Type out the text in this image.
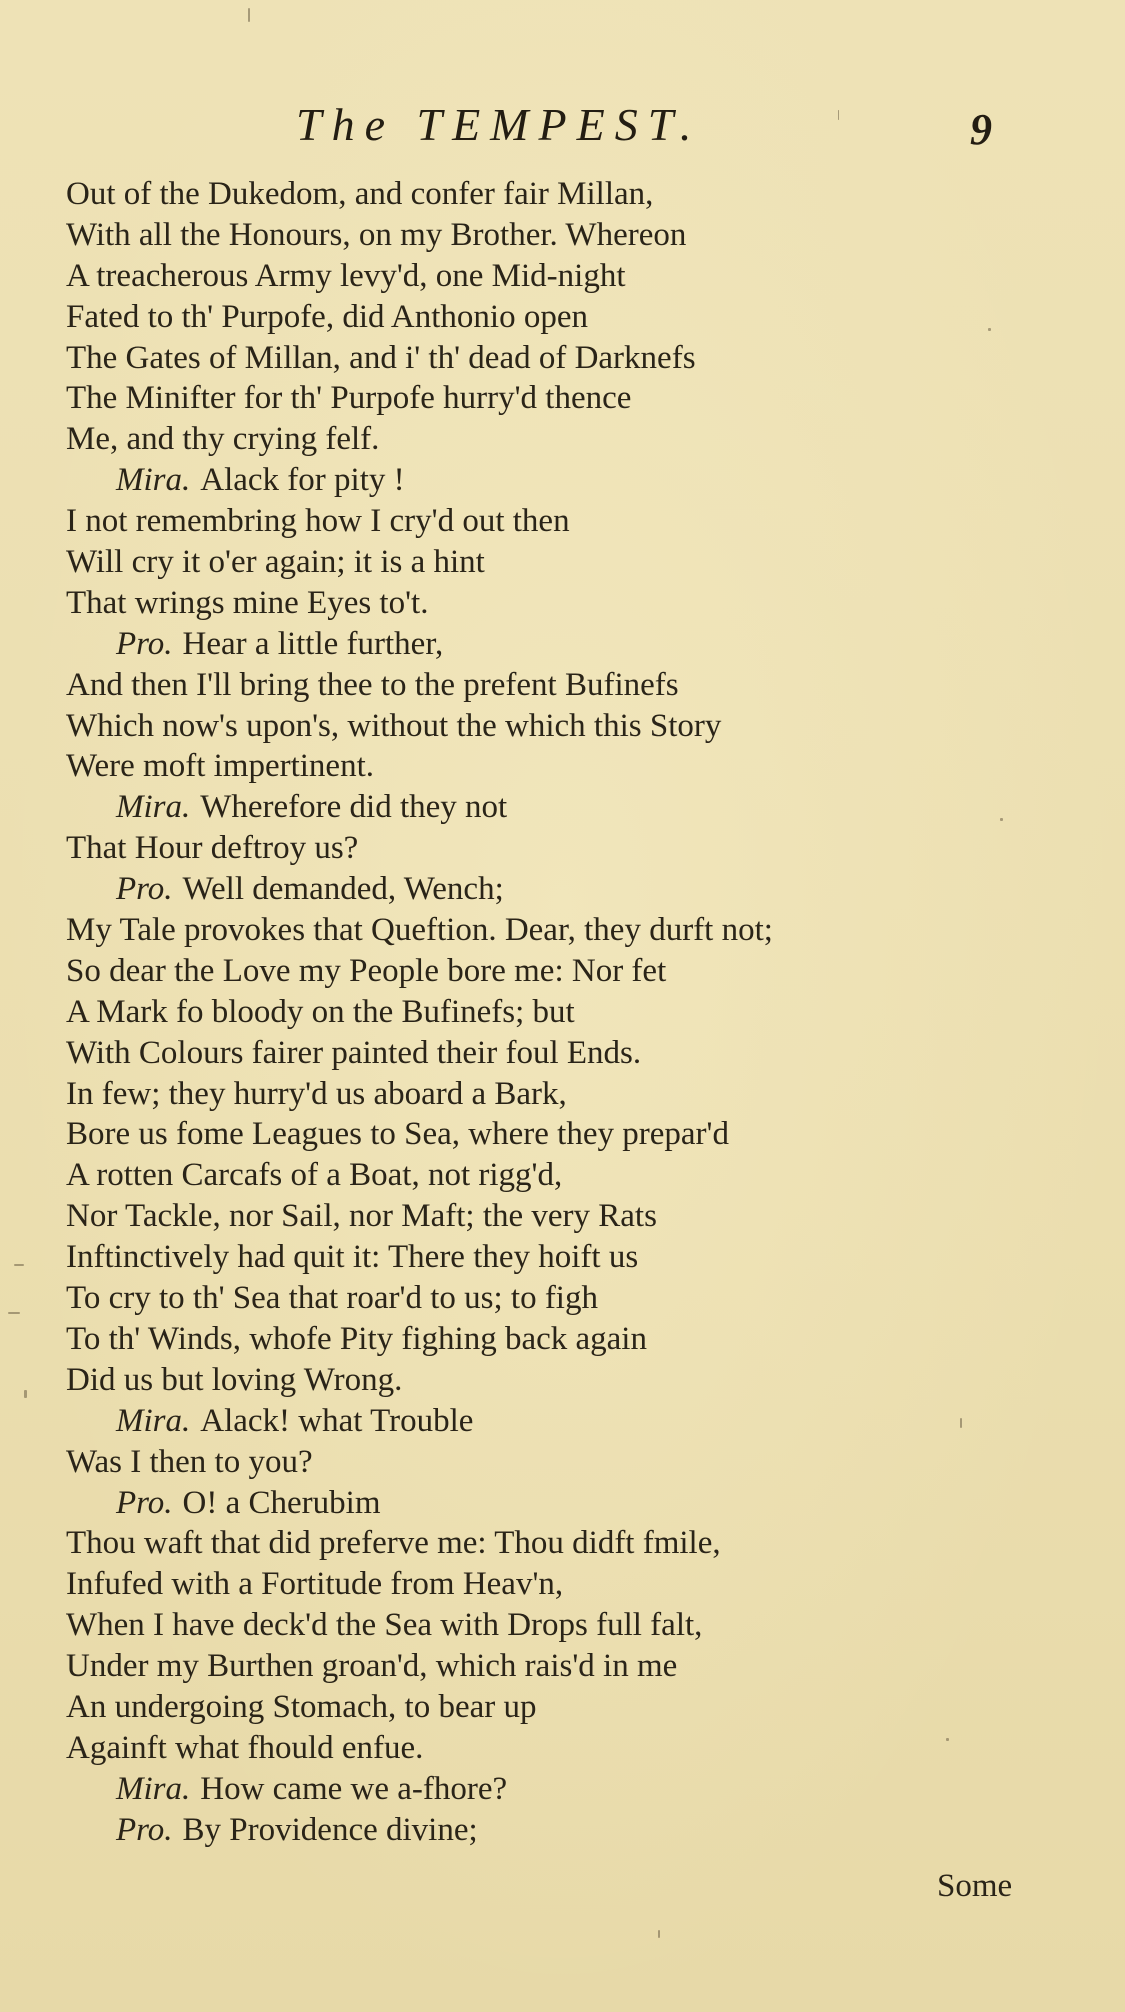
The TEMPEST.	9
Out of the Dukedom, and confer fair Millan,
With all the Honours, on my Brother. Whereon
A treacherous Army levy'd, one Mid-night
Fated to th' Purpofe, did Anthonio open
The Gates of Millan, and i' th' dead of Darknefs
The Minifter for th' Purpofe hurry'd thence
Me, and thy crying felf.
Mira. Alack for pity !
I not remembring how I cry'd out then
Will cry it o'er again; it is a hint
That wrings mine Eyes to't.
Pro. Hear a little further,
And then I'll bring thee to the prefent Bufinefs
Which now's upon's, without the which this Story
Were moft impertinent.
Mira. Wherefore did they not
That Hour deftroy us?
Pro. Well demanded, Wench;
My Tale provokes that Queftion. Dear, they durft not;
So dear the Love my People bore me: Nor fet
A Mark fo bloody on the Bufinefs; but
With Colours fairer painted their foul Ends.
In few; they hurry'd us aboard a Bark,
Bore us fome Leagues to Sea, where they prepar'd
A rotten Carcafs of a Boat, not rigg'd,
Nor Tackle, nor Sail, nor Maft; the very Rats
Inftinctively had quit it: There they hoift us
To cry to th' Sea that roar'd to us; to figh
To th' Winds, whofe Pity fighing back again
Did us but loving Wrong.
Mira. Alack! what Trouble
Was I then to you?
Pro. O! a Cherubim
Thou waft that did preferve me: Thou didft fmile,
Infufed with a Fortitude from Heav'n,
When I have deck'd the Sea with Drops full falt,
Under my Burthen groan'd, which rais'd in me
An undergoing Stomach, to bear up
Againft what fhould enfue.
Mira. How came we a-fhore?
Pro. By Providence divine;
Some
